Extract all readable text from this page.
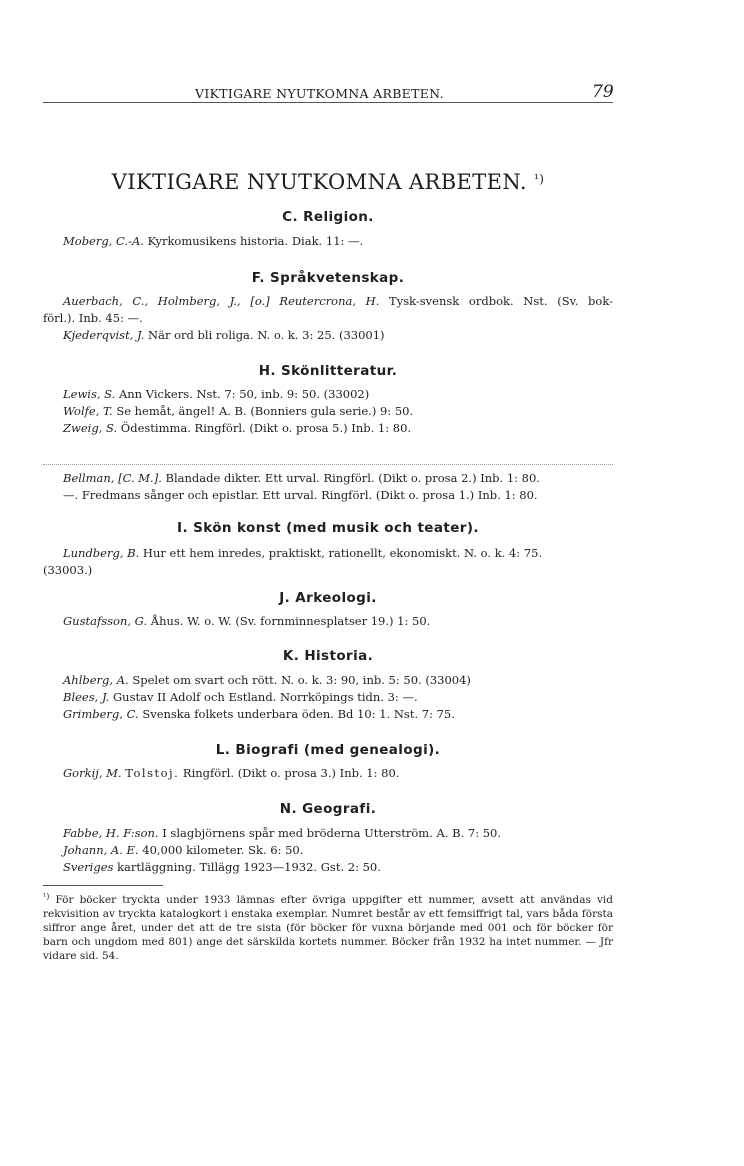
VIKTIGARE NYUTKOMNA ARBETEN.	79
VIKTIGARE NYUTKOMNA ARBETEN. $^{^1)}$
C. Religion.
Moberg, C.-A. Kyrkomusikens historia. Diak. 11: —.
F. Språkvetenskap.
Auerbach, C., Holmberg, J., [o.] Reutercrona, H. Tysk-svensk ordbok. Nst. (Sv. bok-
förl.). Inb. 45: —.
Kjederqvist, J. När ord bli roliga. N. o. k. 3: 25. (33001)
H. Skönlitteratur.
Lewis, S. Ann Vickers. Nst. 7: 50, inb. 9: 50. (33002)
Wolfe, T. Se hemåt, ängel! A. B. (Bonniers gula serie.) 9: 50.
Zweig, S. Ödestimma. Ringförl. (Dikt o. prosa 5.) Inb. 1: 80.
Bellman, [C. M.]. Blandade dikter. Ett urval. Ringförl. (Dikt o. prosa 2.) Inb. 1: 80.
—. Fredmans sånger och epistlar. Ett urval. Ringförl. (Dikt o. prosa 1.) Inb. 1: 80.
I. Skön konst (med musik och teater).
Lundberg, B. Hur ett hem inredes, praktiskt, rationellt, ekonomiskt. N. o. k. 4: 75.
(33003.)
J. Arkeologi.
Gustafsson, G. Åhus. W. o. W. (Sv. fornminnesplatser 19.) 1: 50.
K. Historia.
Ahlberg, A. Spelet om svart och rött. N. o. k. 3: 90, inb. 5: 50. (33004)
Blees, J. Gustav II Adolf och Estland. Norrköpings tidn. 3: —.
Grimberg, C. Svenska folkets underbara öden. Bd 10: 1. Nst. 7: 75.
L. Biografi (med genealogi).
Gorkij, M. Tolstoj. Ringförl. (Dikt o. prosa 3.) Inb. 1: 80.
N. Geografi.
Fabbe, H. F:son. I slagbjörnens spår med bröderna Utterström. A. B. 7: 50.
Johann, A. E. 40,000 kilometer. Sk. 6: 50.
Sveriges kartläggning. Tillägg 1923—1932. Gst. 2: 50.
$^{^1)}$ För böcker tryckta under 1933 lämnas efter övriga uppgifter ett nummer, avsett att användas vid rekvisition av tryckta katalogkort i enstaka exemplar. Numret består av ett femsiffrigt tal, vars båda första siffror ange året, under det att de tre sista (för böcker för vuxna börjande med 001 och för böcker för barn och ungdom med 801) ange det särskilda kortets nummer. Böcker från 1932 ha intet nummer. — Jfr vidare sid. 54.
